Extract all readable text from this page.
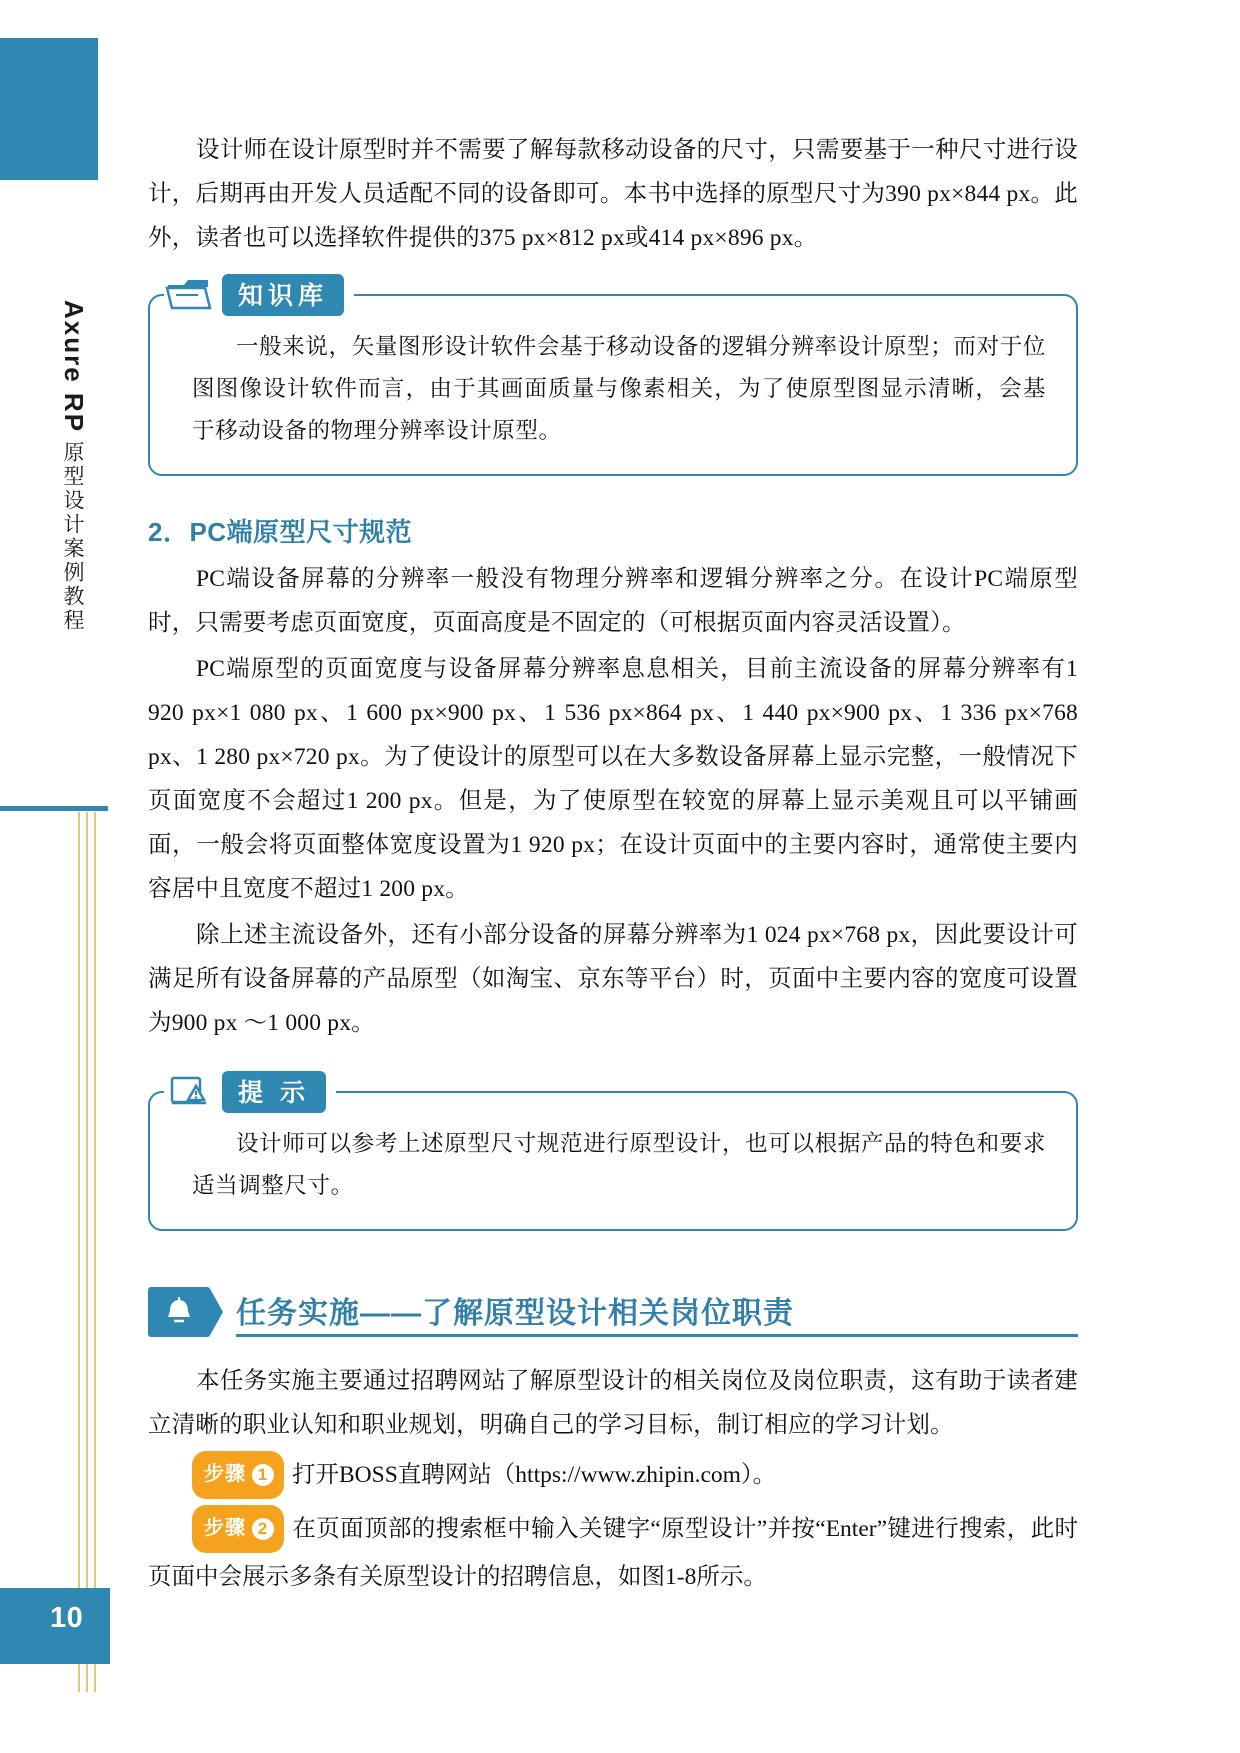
10
Axure RP
原型设计案例教程

设计师在设计原型时并不需要了解每款移动设备的尺寸，只需要基于一种尺寸进行设计，后期再由开发人员适配不同的设备即可。本书中选择的原型尺寸为390 px×844 px。此外，读者也可以选择软件提供的375 px×812 px或414 px×896 px。

知识库

一般来说，矢量图形设计软件会基于移动设备的逻辑分辨率设计原型；而对于位图图像设计软件而言，由于其画面质量与像素相关，为了使原型图显示清晰，会基于移动设备的物理分辨率设计原型。

2．PC端原型尺寸规范

PC端设备屏幕的分辨率一般没有物理分辨率和逻辑分辨率之分。在设计PC端原型时，只需要考虑页面宽度，页面高度是不固定的（可根据页面内容灵活设置）。

PC端原型的页面宽度与设备屏幕分辨率息息相关，目前主流设备的屏幕分辨率有1 920 px×1 080 px、1 600 px×900 px、1 536 px×864 px、1 440 px×900 px、1 336 px×768 px、1 280 px×720 px。为了使设计的原型可以在大多数设备屏幕上显示完整，一般情况下页面宽度不会超过1 200 px。但是，为了使原型在较宽的屏幕上显示美观且可以平铺画面，一般会将页面整体宽度设置为1 920 px；在设计页面中的主要内容时，通常使主要内容居中且宽度不超过1 200 px。

除上述主流设备外，还有小部分设备的屏幕分辨率为1 024 px×768 px，因此要设计可满足所有设备屏幕的产品原型（如淘宝、京东等平台）时，页面中主要内容的宽度可设置为900 px ～1 000 px。

提 示

设计师可以参考上述原型尺寸规范进行原型设计，也可以根据产品的特色和要求适当调整尺寸。

任务实施——了解原型设计相关岗位职责

本任务实施主要通过招聘网站了解原型设计的相关岗位及岗位职责，这有助于读者建立清晰的职业认知和职业规划，明确自己的学习目标，制订相应的学习计划。

步骤 1 打开BOSS直聘网站（https://www.zhipin.com）。
步骤 2 在页面顶部的搜索框中输入关键字“原型设计”并按“Enter”键进行搜索，此时页面中会展示多条有关原型设计的招聘信息，如图1-8所示。
